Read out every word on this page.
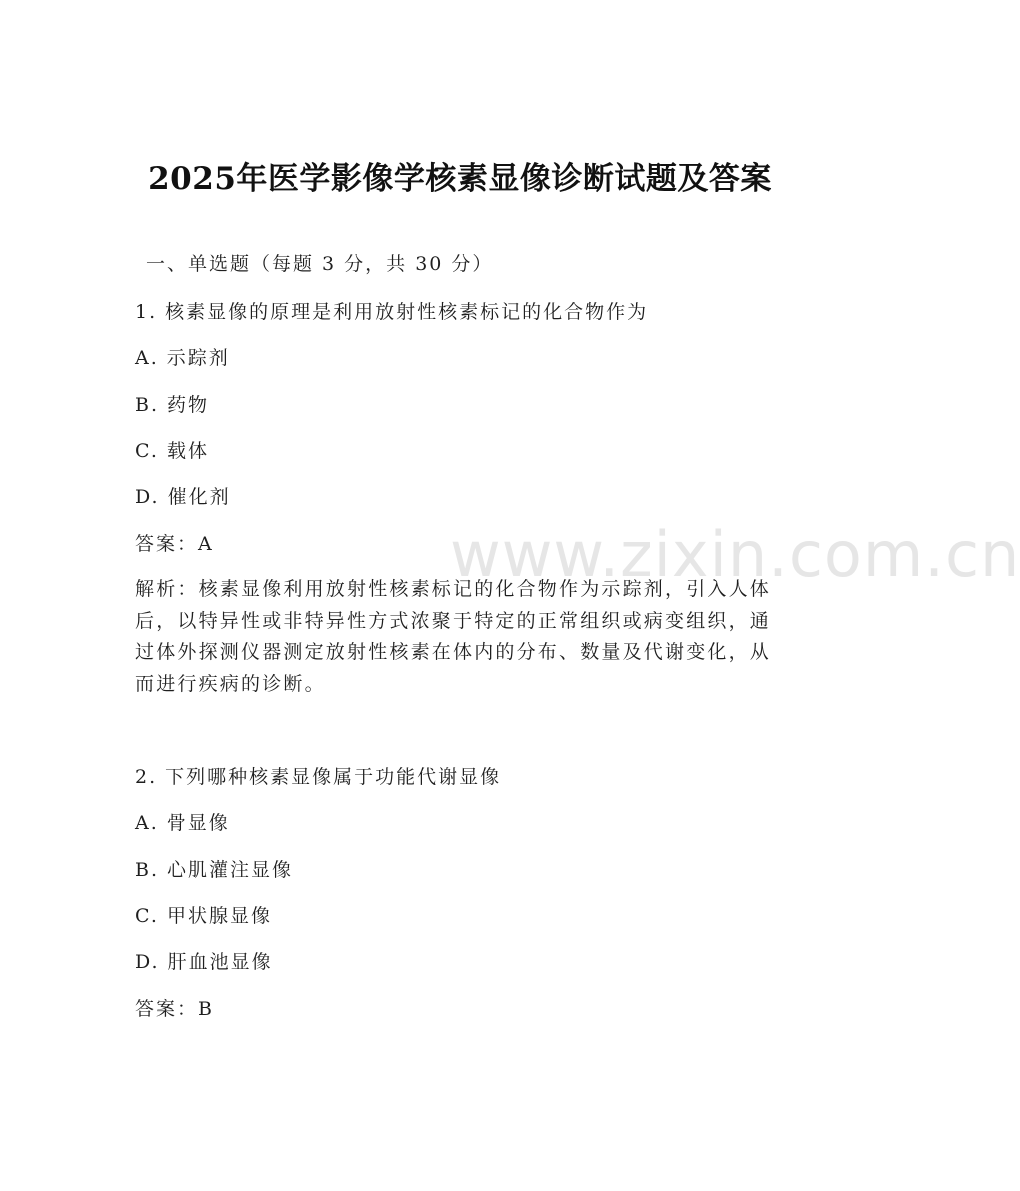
www.zixin.com.cn
2025年医学影像学核素显像诊断试题及答案
一、单选题（每题 3 分，共 30 分）
1. 核素显像的原理是利用放射性核素标记的化合物作为
A. 示踪剂
B. 药物
C. 载体
D. 催化剂
答案：A
解析：核素显像利用放射性核素标记的化合物作为示踪剂，引入人体后，以特异性或非特异性方式浓聚于特定的正常组织或病变组织，通过体外探测仪器测定放射性核素在体内的分布、数量及代谢变化，从而进行疾病的诊断。
2. 下列哪种核素显像属于功能代谢显像
A. 骨显像
B. 心肌灌注显像
C. 甲状腺显像
D. 肝血池显像
答案：B
